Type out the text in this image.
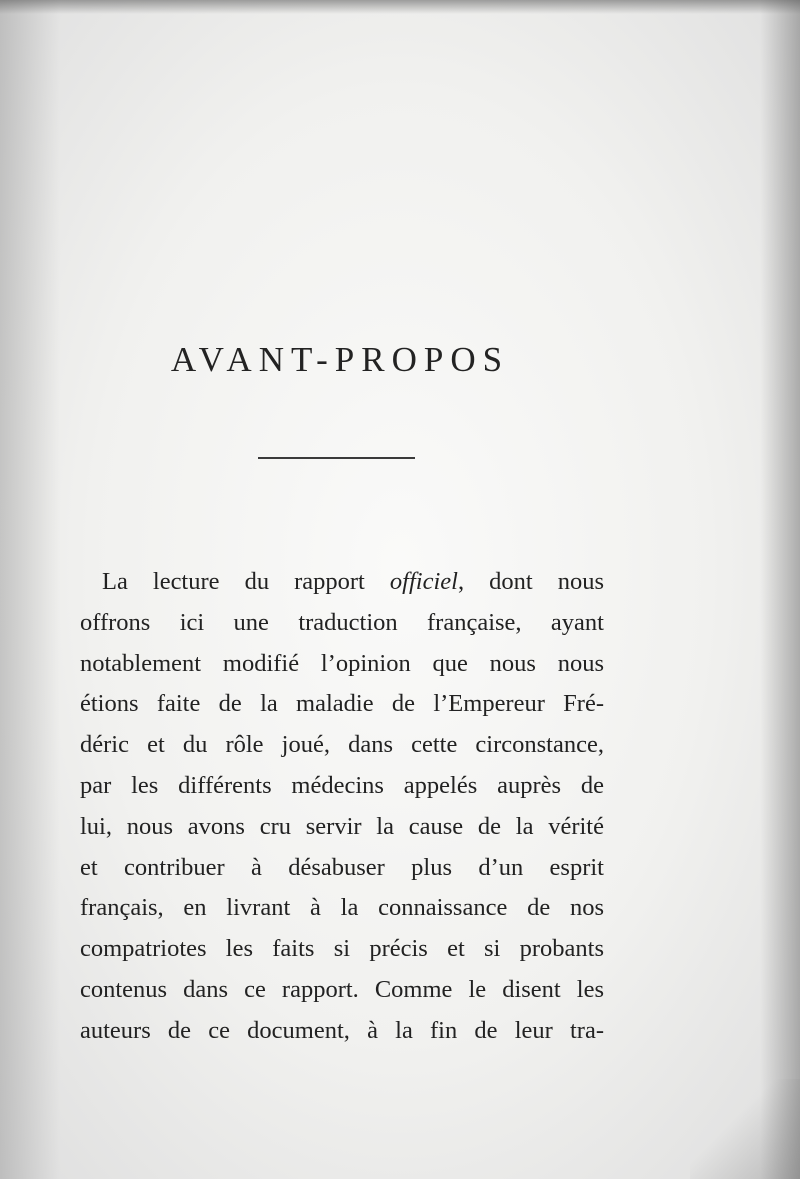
AVANT-PROPOS
La lecture du rapport officiel, dont nous
offrons ici une traduction française, ayant
notablement modifié l’opinion que nous nous
étions faite de la maladie de l’Empereur Fré-
déric et du rôle joué, dans cette circonstance,
par les différents médecins appelés auprès de
lui, nous avons cru servir la cause de la vérité
et contribuer à désabuser plus d’un esprit
français, en livrant à la connaissance de nos
compatriotes les faits si précis et si probants
contenus dans ce rapport. Comme le disent les
auteurs de ce document, à la fin de leur tra-
